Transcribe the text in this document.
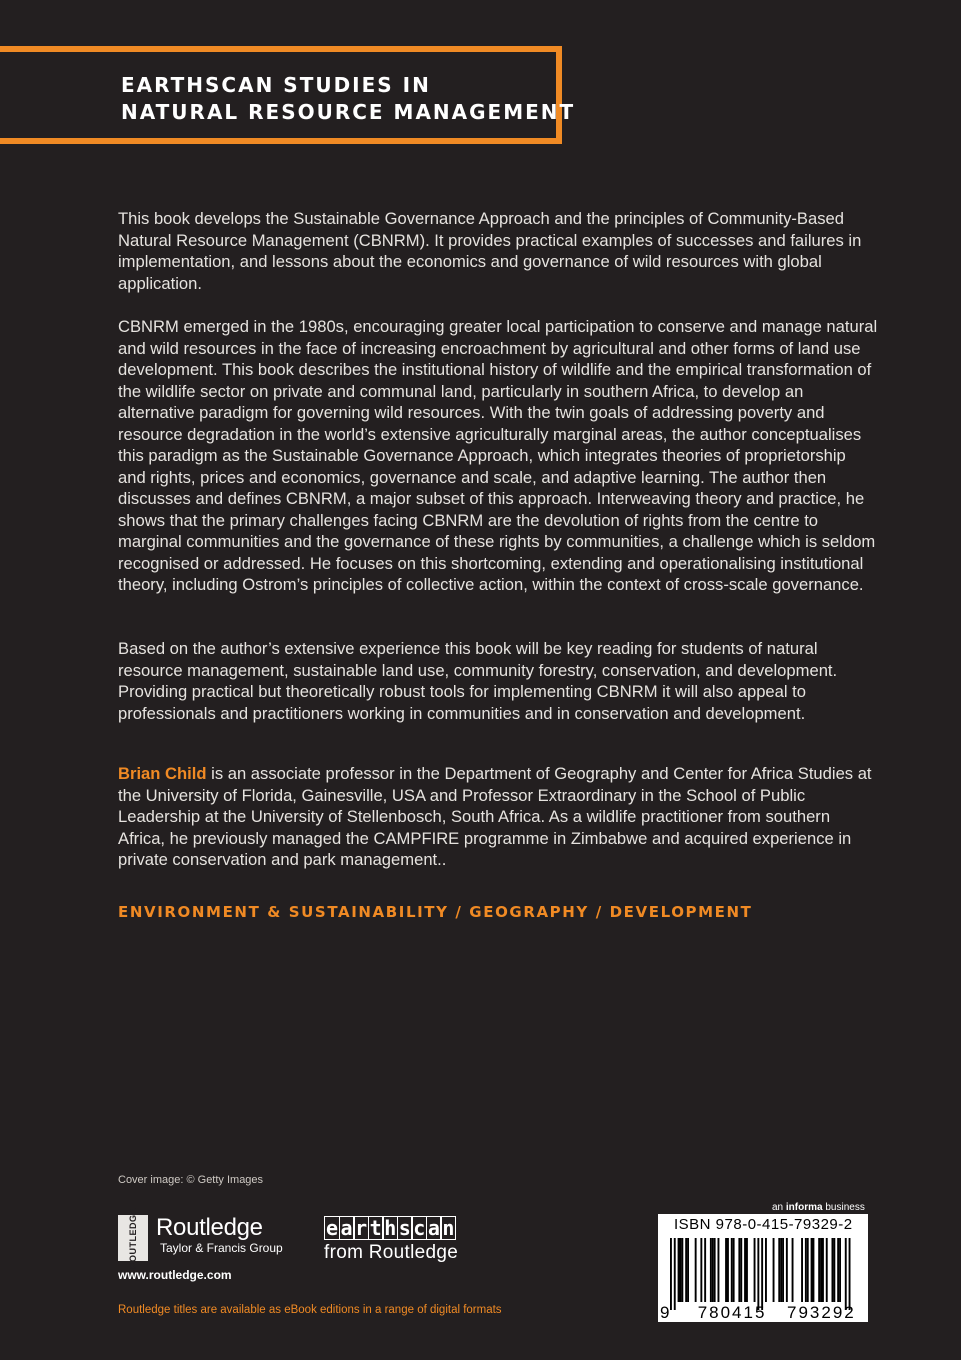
EARTHSCAN STUDIES IN
NATURAL RESOURCE MANAGEMENT
This book develops the Sustainable Governance Approach and the principles of Community-Based Natural Resource Management (CBNRM). It provides practical examples of successes and failures in implementation, and lessons about the economics and governance of wild resources with global application.
CBNRM emerged in the 1980s, encouraging greater local participation to conserve and manage natural and wild resources in the face of increasing encroachment by agricultural and other forms of land use development. This book describes the institutional history of wildlife and the empirical transformation of the wildlife sector on private and communal land, particularly in southern Africa, to develop an alternative paradigm for governing wild resources. With the twin goals of addressing poverty and resource degradation in the world’s extensive agriculturally marginal areas, the author conceptualises this paradigm as the Sustainable Governance Approach, which integrates theories of proprietorship and rights, prices and economics, governance and scale, and adaptive learning. The author then discusses and defines CBNRM, a major subset of this approach. Interweaving theory and practice, he shows that the primary challenges facing CBNRM are the devolution of rights from the centre to marginal communities and the governance of these rights by communities, a challenge which is seldom recognised or addressed. He focuses on this shortcoming, extending and operationalising institutional theory, including Ostrom’s principles of collective action, within the context of cross-scale governance.
Based on the author’s extensive experience this book will be key reading for students of natural resource management, sustainable land use, community forestry, conservation, and development. Providing practical but theoretically robust tools for implementing CBNRM it will also appeal to professionals and practitioners working in communities and in conservation and development.
Brian Child is an associate professor in the Department of Geography and Center for Africa Studies at the University of Florida, Gainesville, USA and Professor Extraordinary in the School of Public Leadership at the University of Stellenbosch, South Africa. As a wildlife practitioner from southern Africa, he previously managed the CAMPFIRE programme in Zimbabwe and acquired experience in private conservation and park management..
ENVIRONMENT & SUSTAINABILITY / GEOGRAPHY / DEVELOPMENT
Cover image: © Getty Images
ROUTLEDGE Routledge
Taylor & Francis Group
www.routledge.com
e a r t h s c a n
from Routledge
an informa business
9 780415 793292
ISBN 978-0-415-79329-2
Routledge titles are available as eBook editions in a range of digital formats
